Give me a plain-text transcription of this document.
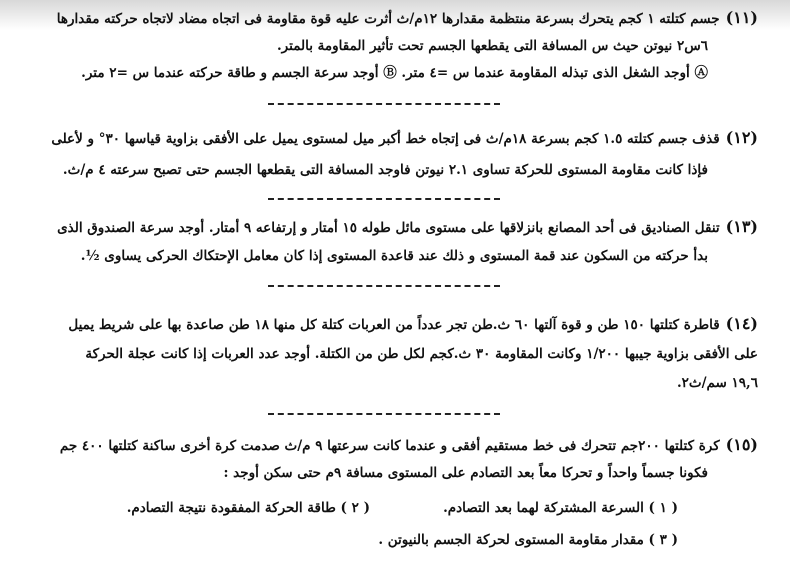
(١١)جسم كتلته ١ كجم يتحرك بسرعة منتظمة مقدارها ١٢م/ث أثرت عليه قوة مقاومة فى اتجاه مضاد لاتجاه حركته مقدارها
٦س٢ نيوتن حيث س المسافة التى يقطعها الجسم تحت تأثير المقاومة بالمتر.
Ⓐ أوجد الشغل الذى تبذله المقاومة عندما س =٤ متر. Ⓑ أوجد سرعة الجسم و طاقة حركته عندما س =٢ متر.
(١٢)قذف جسم كتلته ١.٥ كجم بسرعة ١٨م/ث فى إتجاه خط أكبر ميل لمستوى يميل على الأفقى بزاوية قياسها ٣٠° و لأعلى
فإذا كانت مقاومة المستوى للحركة تساوى ٢.١ نيوتن فاوجد المسافة التى يقطعها الجسم حتى تصبح سرعته ٤ م/ث.
(١٣)تنقل الصناديق فى أحد المصانع بانزلاقها على مستوى مائل طوله ١٥ أمتار و إرتفاعه ٩ أمتار. أوجد سرعة الصندوق الذى
بدأ حركته من السكون عند قمة المستوى و ذلك عند قاعدة المستوى إذا كان معامل الإحتكاك الحركى يساوى ½.
(١٤)قاطرة كتلتها ١٥٠ طن و قوة آلتها ٦٠ ث.طن تجر عدداً من العربات كتلة كل منها ١٨ طن صاعدة بها على شريط يميل
على الأفقى بزاوية جيبها ١/٢٠٠ وكانت المقاومة ٣٠ ث.كجم لكل طن من الكتلة. أوجد عدد العربات إذا كانت عجلة الحركة
١٩,٦ سم/ث٢.
(١٥)كرة كتلتها ٢٠٠جم تتحرك فى خط مستقيم أفقى و عندما كانت سرعتها ٩ م/ث صدمت كرة أخرى ساكنة كتلتها ٤٠٠ جم
فكونا جسماً واحداً و تحركا معاً بعد التصادم على المستوى مسافة ٩م حتى سكن أوجد :
( ١ ) السرعة المشتركة لهما بعد التصادم.
( ٢ ) طاقة الحركة المفقودة نتيجة التصادم.
( ٣ ) مقدار مقاومة المستوى لحركة الجسم بالنيوتن .
